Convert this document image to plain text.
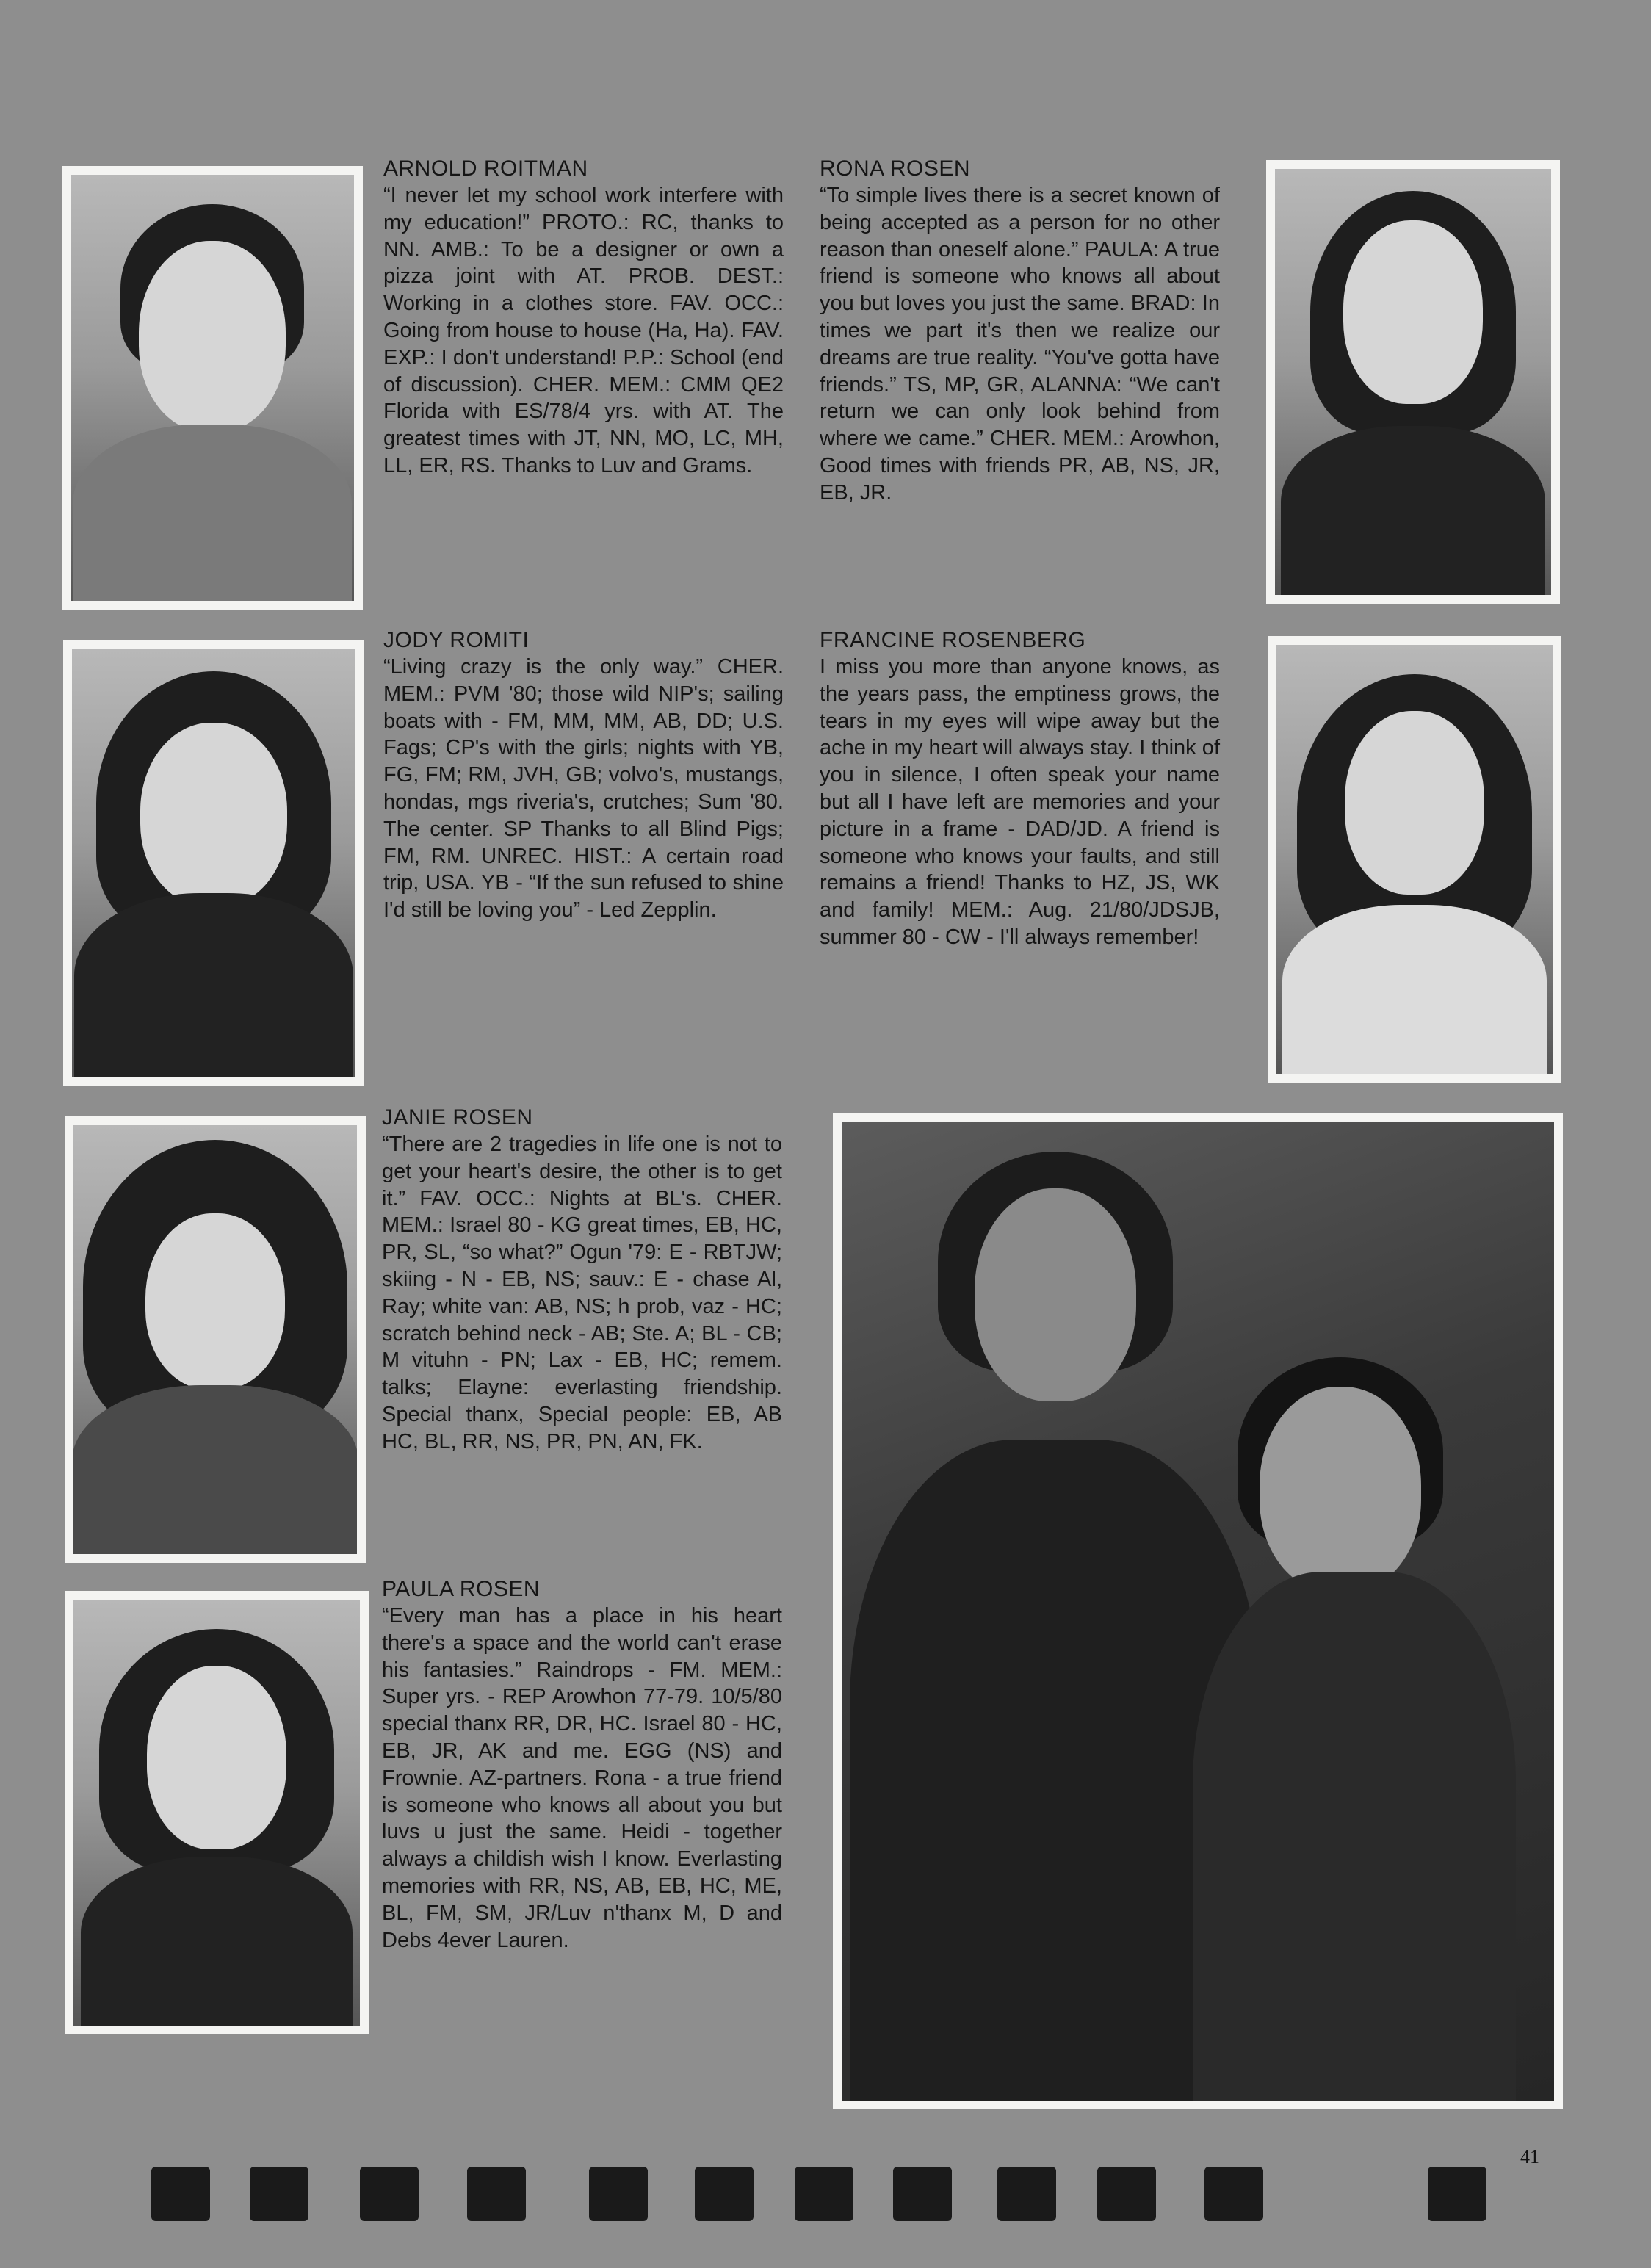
ARNOLD ROITMAN
“I never let my school work interfere with my education!” PROTO.: RC, thanks to NN. AMB.: To be a designer or own a pizza joint with AT. PROB. DEST.: Working in a clothes store. FAV. OCC.: Going from house to house (Ha, Ha). FAV. EXP.: I don't understand! P.P.: School (end of discussion). CHER. MEM.: CMM QE2 Florida with ES/78/4 yrs. with AT. The greatest times with JT, NN, MO, LC, MH, LL, ER, RS. Thanks to Luv and Grams.
RONA ROSEN
“To simple lives there is a secret known of being accepted as a person for no other reason than oneself alone.” PAULA: A true friend is someone who knows all about you but loves you just the same. BRAD: In times we part it's then we realize our dreams are true reality. “You've gotta have friends.” TS, MP, GR, ALANNA: “We can't return we can only look behind from where we came.” CHER. MEM.: Arowhon, Good times with friends PR, AB, NS, JR, EB, JR.
JODY ROMITI
“Living crazy is the only way.” CHER. MEM.: PVM '80; those wild NIP's; sailing boats with - FM, MM, MM, AB, DD; U.S. Fags; CP's with the girls; nights with YB, FG, FM; RM, JVH, GB; volvo's, mustangs, hondas, mgs riveria's, crutches; Sum '80. The center. SP Thanks to all Blind Pigs; FM, RM. UNREC. HIST.: A certain road trip, USA. YB - “If the sun refused to shine I'd still be loving you” - Led Zepplin.
FRANCINE ROSENBERG
I miss you more than anyone knows, as the years pass, the emptiness grows, the tears in my eyes will wipe away but the ache in my heart will always stay. I think of you in silence, I often speak your name but all I have left are memories and your picture in a frame - DAD/JD. A friend is someone who knows your faults, and still remains a friend! Thanks to HZ, JS, WK and family! MEM.: Aug. 21/80/JDSJB, summer 80 - CW - I'll always remember!
JANIE ROSEN
“There are 2 tragedies in life one is not to get your heart's desire, the other is to get it.” FAV. OCC.: Nights at BL's. CHER. MEM.: Israel 80 - KG great times, EB, HC, PR, SL, “so what?” Ogun '79: E - RBTJW; skiing - N - EB, NS; sauv.: E - chase Al, Ray; white van: AB, NS; h prob, vaz - HC; scratch behind neck - AB; Ste. A; BL - CB; M vituhn - PN; Lax - EB, HC; remem. talks; Elayne: everlasting friendship. Special thanx, Special people: EB, AB HC, BL, RR, NS, PR, PN, AN, FK.
PAULA ROSEN
“Every man has a place in his heart there's a space and the world can't erase his fantasies.” Raindrops - FM. MEM.: Super yrs. - REP Arowhon 77-79. 10/5/80 special thanx RR, DR, HC. Israel 80 - HC, EB, JR, AK and me. EGG (NS) and Frownie. AZ-partners. Rona - a true friend is someone who knows all about you but luvs u just the same. Heidi - together always a childish wish I know. Everlasting memories with RR, NS, AB, EB, HC, ME, BL, FM, SM, JR/Luv n'thanx M, D and Debs 4ever Lauren.
41
